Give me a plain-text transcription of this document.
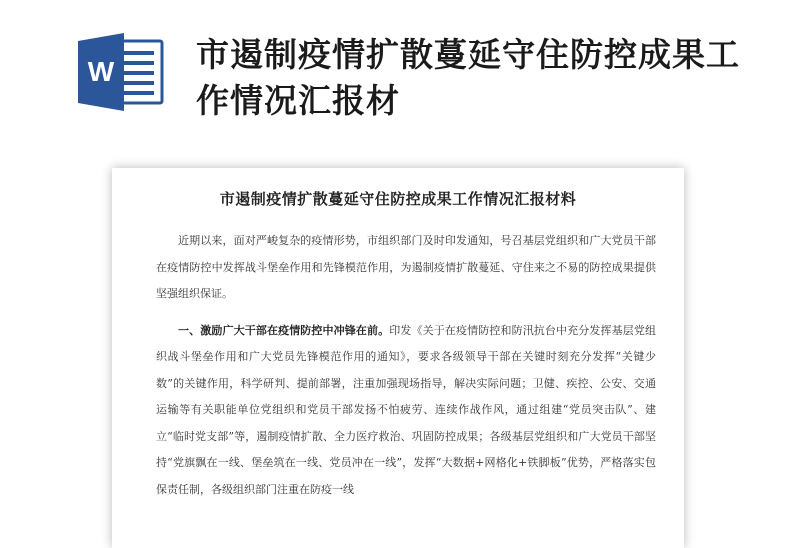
W 市遏制疫情扩散蔓延守住防控成果工作情况汇报材
市遏制疫情扩散蔓延守住防控成果工作情况汇报材料

近期以来，面对严峻复杂的疫情形势，市组织部门及时印发通知，号召基层党组织和广大党员干部在疫情防控中发挥战斗堡垒作用和先锋模范作用，为遏制疫情扩散蔓延、守住来之不易的防控成果提供坚强组织保证。

一、激励广大干部在疫情防控中冲锋在前。印发《关于在疫情防控和防汛抗台中充分发挥基层党组织战斗堡垒作用和广大党员先锋模范作用的通知》，要求各级领导干部在关键时刻充分发挥“关键少数”的关键作用，科学研判、提前部署，注重加强现场指导，解决实际问题；卫健、疾控、公安、交通运输等有关职能单位党组织和党员干部发扬不怕疲劳、连续作战作风，通过组建“党员突击队”、建立“临时党支部”等，遏制疫情扩散、全力医疗救治、巩固防控成果；各级基层党组织和广大党员干部坚持“党旗飘在一线、堡垒筑在一线、党员冲在一线”，发挥“大数据+网格化+铁脚板”优势，严格落实包保责任制，各级组织部门注重在防疫一线
